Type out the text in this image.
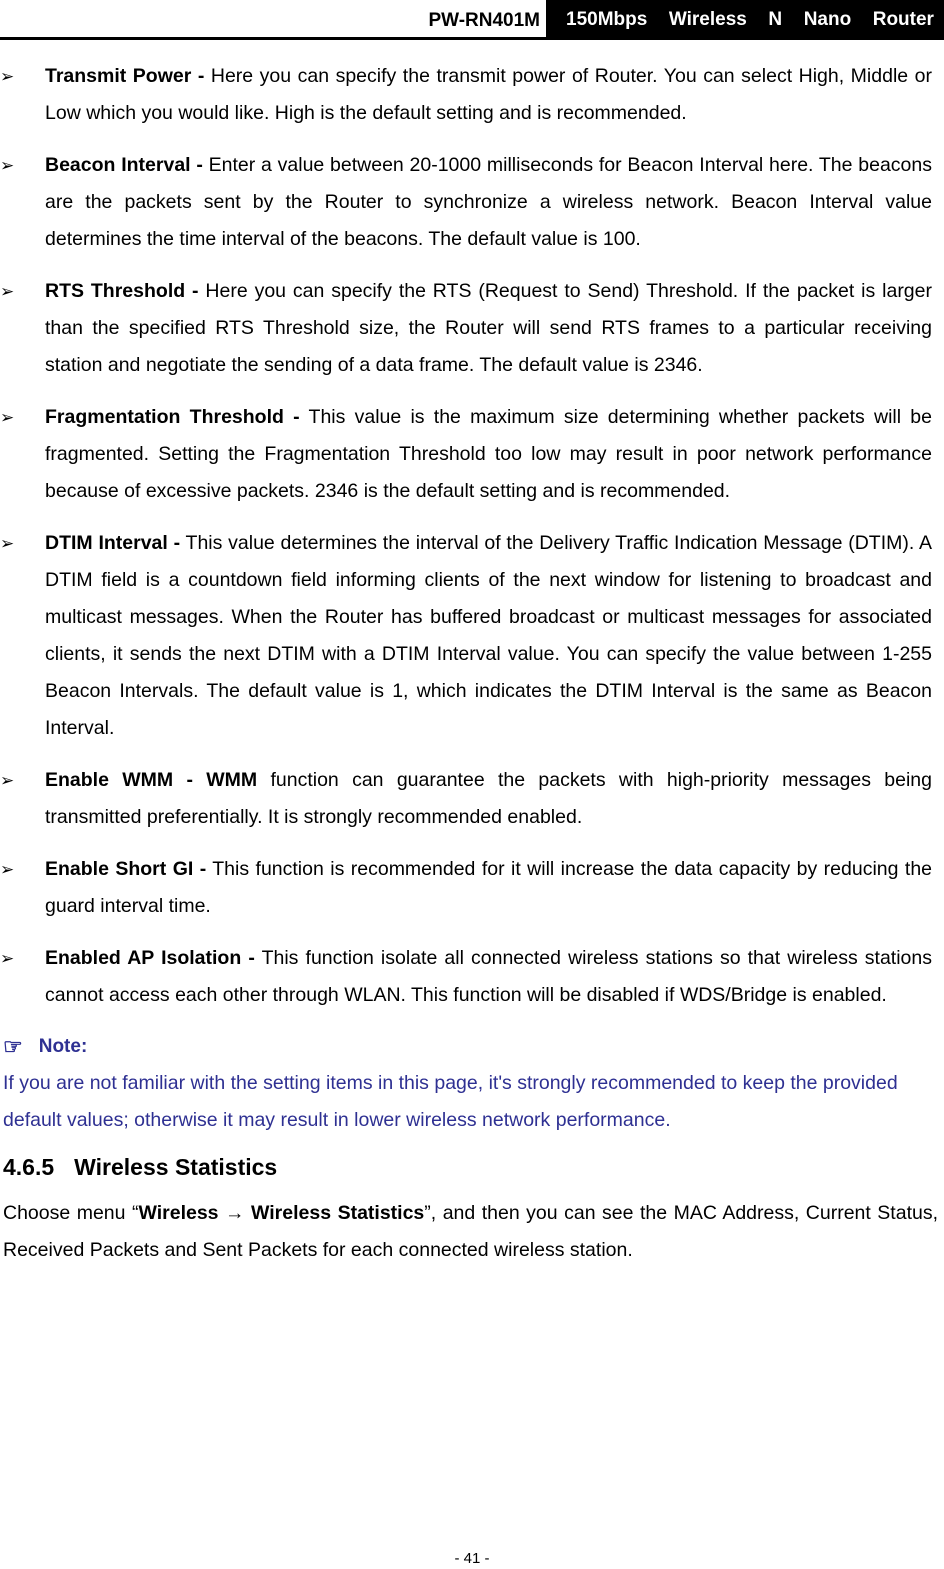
PW-RN401M 150Mbps Wireless N Nano Router
➢ Transmit Power - Here you can specify the transmit power of Router. You can select High, Middle or Low which you would like. High is the default setting and is recommended.
➢ Beacon Interval - Enter a value between 20-1000 milliseconds for Beacon Interval here. The beacons are the packets sent by the Router to synchronize a wireless network. Beacon Interval value determines the time interval of the beacons. The default value is 100.
➢ RTS Threshold - Here you can specify the RTS (Request to Send) Threshold. If the packet is larger than the specified RTS Threshold size, the Router will send RTS frames to a particular receiving station and negotiate the sending of a data frame. The default value is 2346.
➢ Fragmentation Threshold - This value is the maximum size determining whether packets will be fragmented. Setting the Fragmentation Threshold too low may result in poor network performance because of excessive packets. 2346 is the default setting and is recommended.
➢ DTIM Interval - This value determines the interval of the Delivery Traffic Indication Message (DTIM). A DTIM field is a countdown field informing clients of the next window for listening to broadcast and multicast messages. When the Router has buffered broadcast or multicast messages for associated clients, it sends the next DTIM with a DTIM Interval value. You can specify the value between 1-255 Beacon Intervals. The default value is 1, which indicates the DTIM Interval is the same as Beacon Interval.
➢ Enable WMM - WMM function can guarantee the packets with high-priority messages being transmitted preferentially. It is strongly recommended enabled.
➢ Enable Short GI - This function is recommended for it will increase the data capacity by reducing the guard interval time.
➢ Enabled AP Isolation - This function isolate all connected wireless stations so that wireless stations cannot access each other through WLAN. This function will be disabled if WDS/Bridge is enabled.
☞ Note:
If you are not familiar with the setting items in this page, it's strongly recommended to keep the provided default values; otherwise it may result in lower wireless network performance.
4.6.5 Wireless Statistics
Choose menu “Wireless → Wireless Statistics”, and then you can see the MAC Address, Current Status, Received Packets and Sent Packets for each connected wireless station.
- 41 -
